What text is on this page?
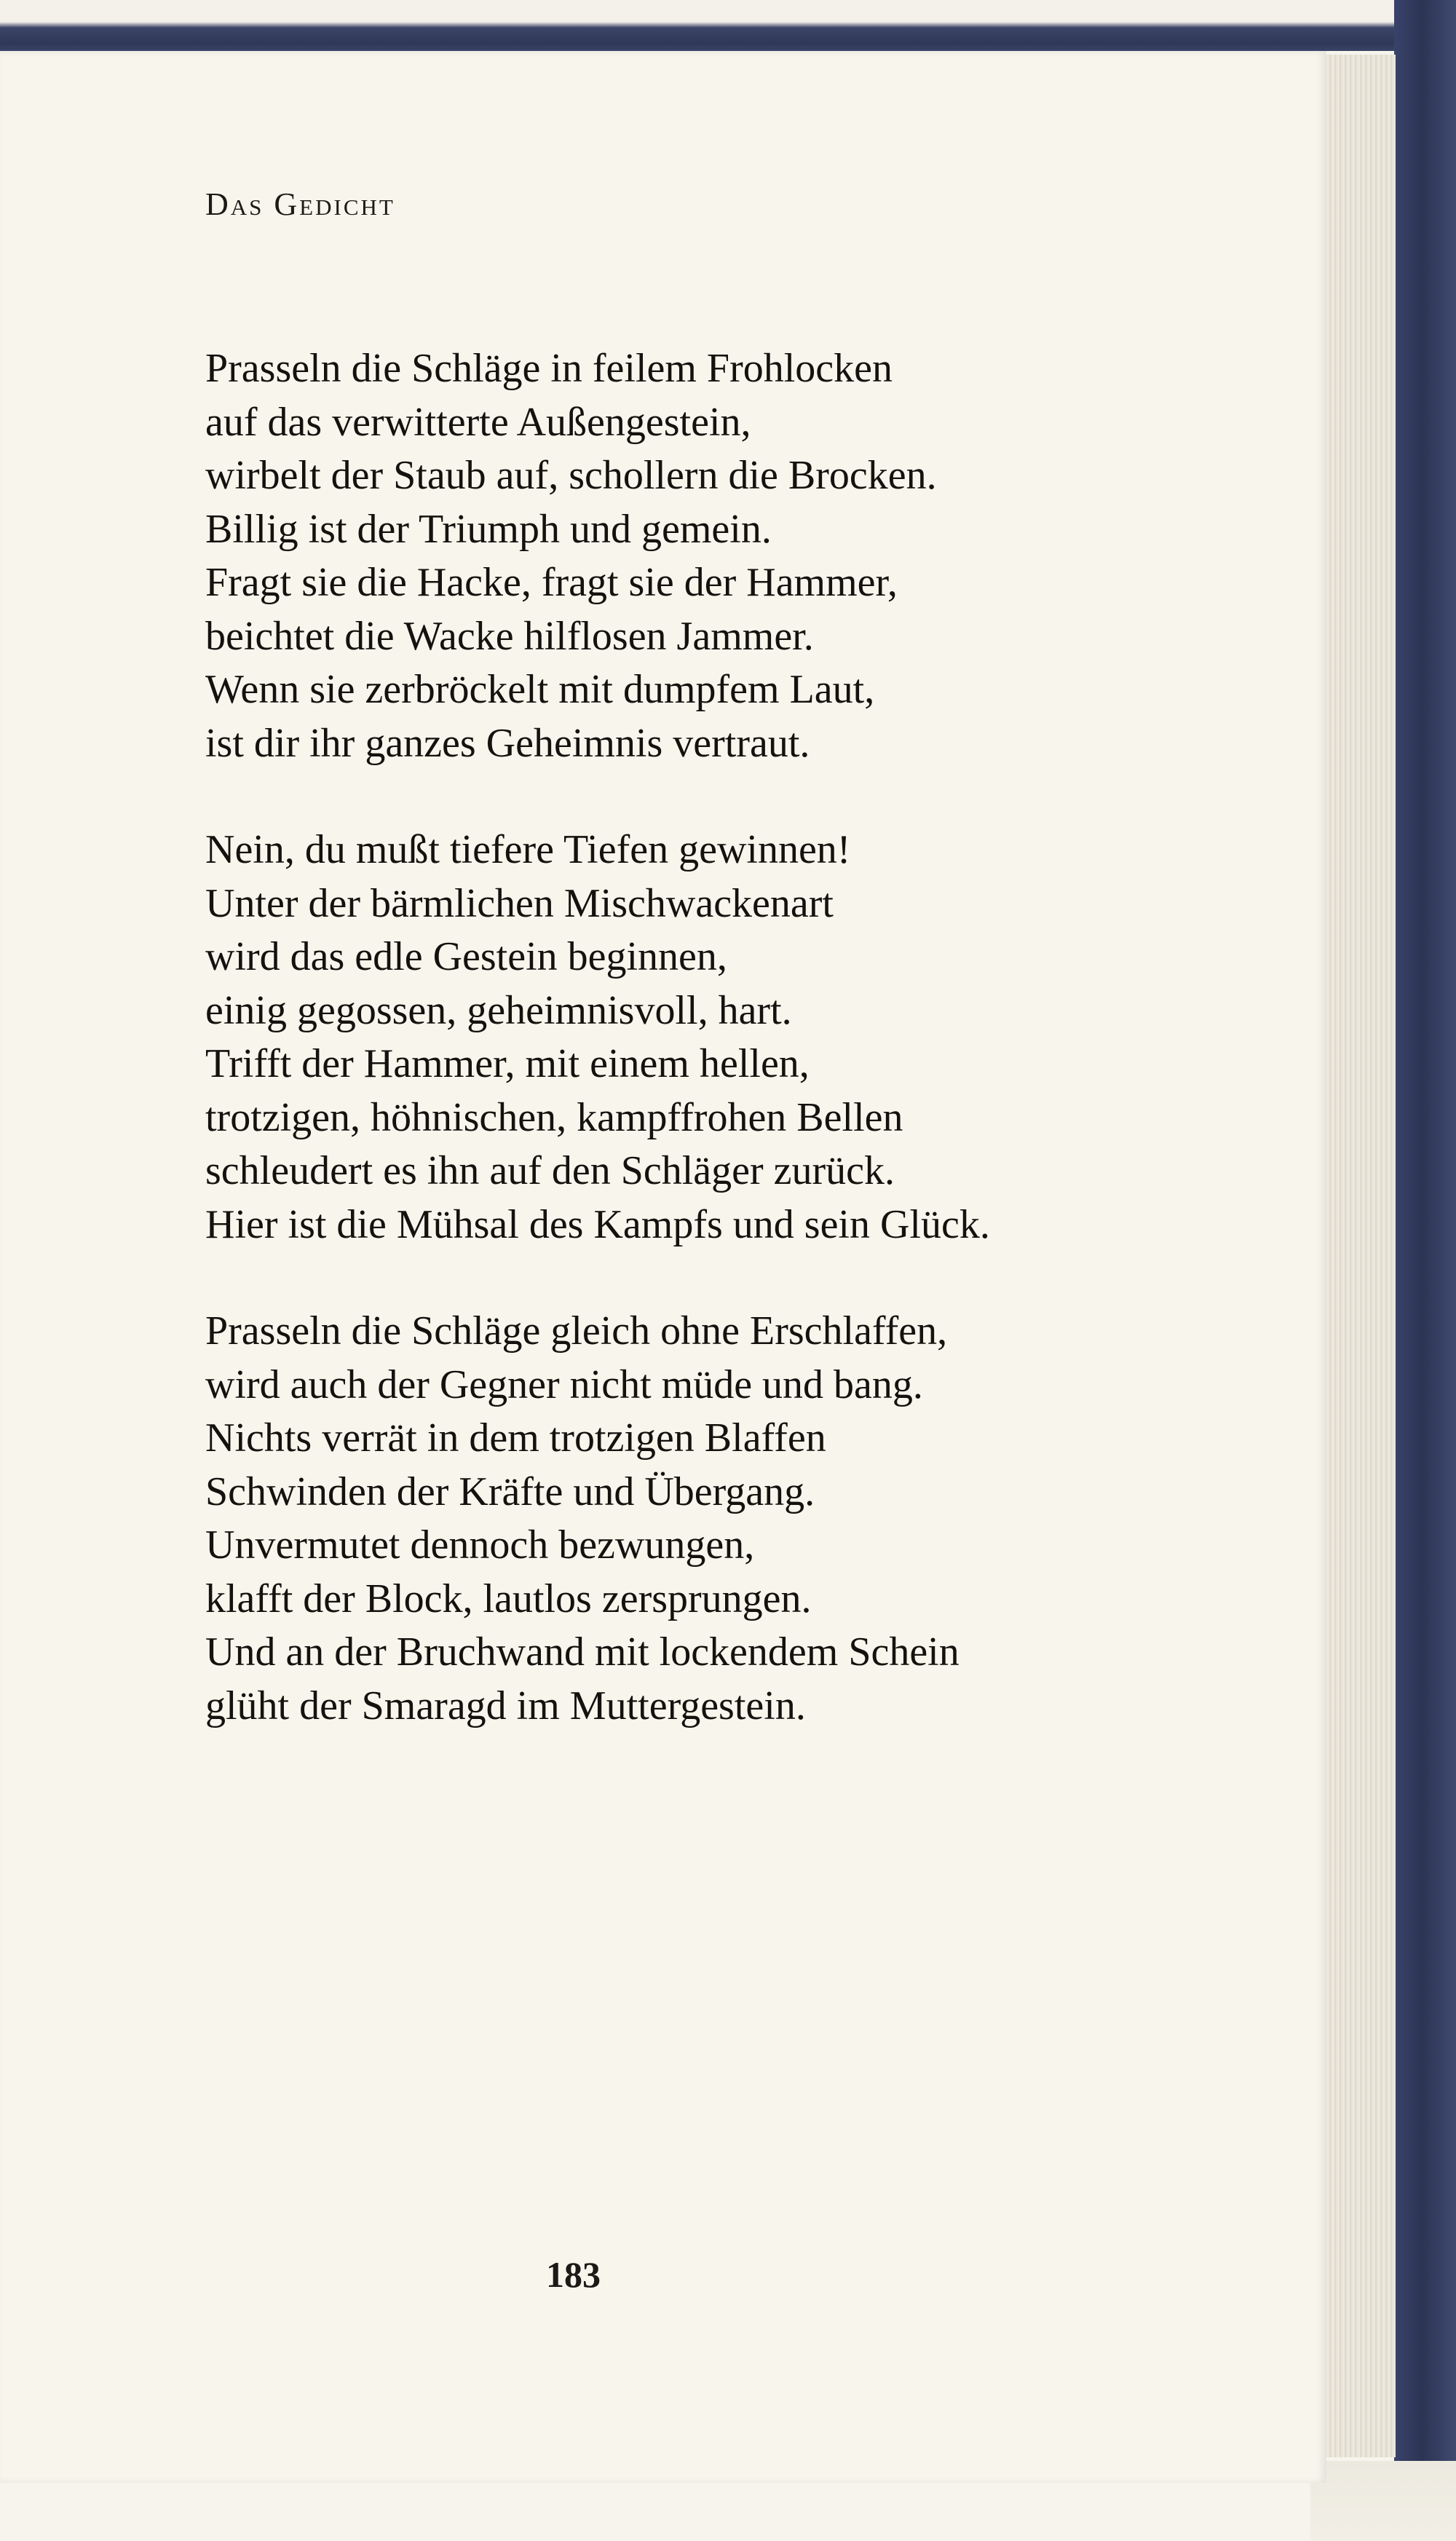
Das Gedicht
Prasseln die Schläge in feilem Frohlocken
auf das verwitterte Außengestein,
wirbelt der Staub auf, schollern die Brocken.
Billig ist der Triumph und gemein.
Fragt sie die Hacke, fragt sie der Hammer,
beichtet die Wacke hilflosen Jammer.
Wenn sie zerbröckelt mit dumpfem Laut,
ist dir ihr ganzes Geheimnis vertraut.
Nein, du mußt tiefere Tiefen gewinnen!
Unter der bärmlichen Mischwackenart
wird das edle Gestein beginnen,
einig gegossen, geheimnisvoll, hart.
Trifft der Hammer, mit einem hellen,
trotzigen, höhnischen, kampffrohen Bellen
schleudert es ihn auf den Schläger zurück.
Hier ist die Mühsal des Kampfs und sein Glück.
Prasseln die Schläge gleich ohne Erschlaffen,
wird auch der Gegner nicht müde und bang.
Nichts verrät in dem trotzigen Blaffen
Schwinden der Kräfte und Übergang.
Unvermutet dennoch bezwungen,
klafft der Block, lautlos zersprungen.
Und an der Bruchwand mit lockendem Schein
glüht der Smaragd im Muttergestein.
183
